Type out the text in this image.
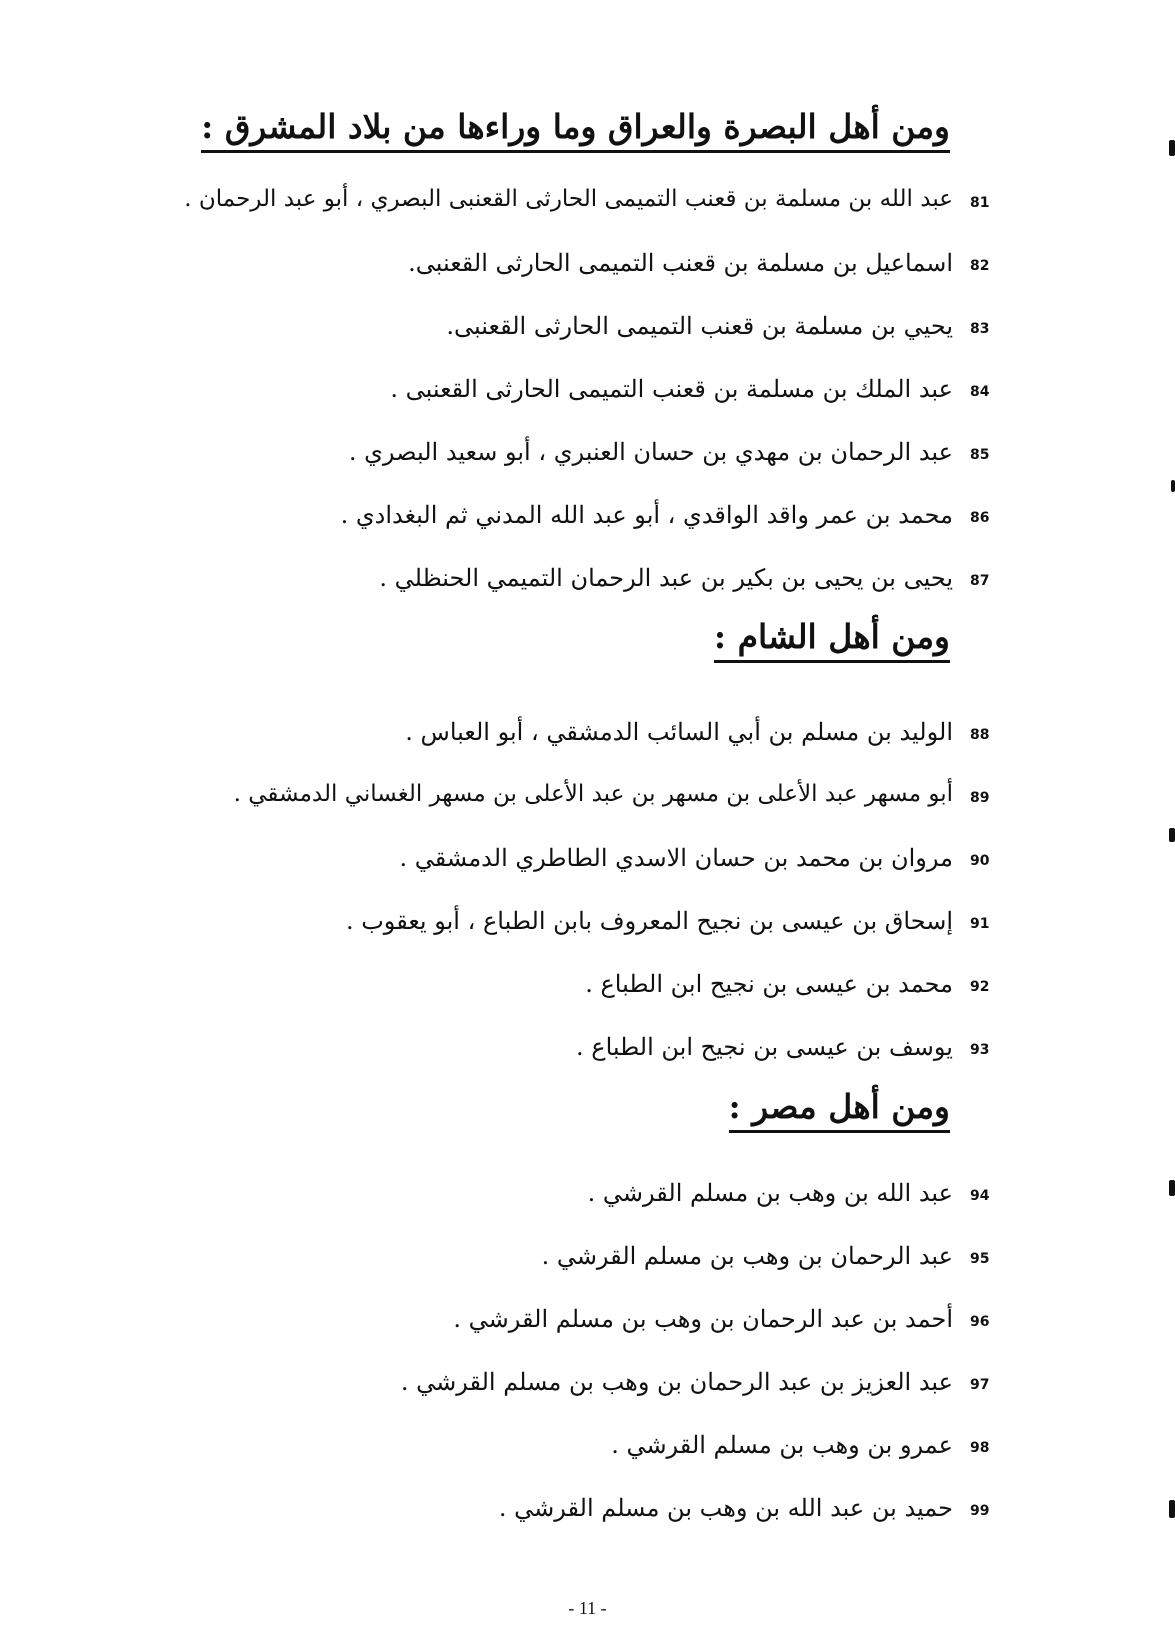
ومن أهل البصرة والعراق وما وراءها من بلاد المشرق :
81
عبد الله بن مسلمة بن قعنب التميمى الحارثى القعنبى البصري ، أبو عبد الرحمان .
82
اسماعيل بن مسلمة بن قعنب التميمى الحارثى القعنبى.
83
يحيي بن مسلمة بن قعنب التميمى الحارثى القعنبى.
84
عبد الملك بن مسلمة بن قعنب التميمى الحارثى القعنبى .
85
عبد الرحمان بن مهدي بن حسان العنبري ، أبو سعيد البصري .
86
محمد بن عمر واقد الواقدي ، أبو عبد الله المدني ثم البغدادي .
87
يحيى بن يحيى بن بكير بن عبد الرحمان التميمي الحنظلي .
ومن أهل الشام :
88
الوليد بن مسلم بن أبي السائب الدمشقي ، أبو العباس .
89
أبو مسهر عبد الأعلى بن مسهر بن عبد الأعلى بن مسهر الغساني الدمشقي .
90
مروان بن محمد بن حسان الاسدي الطاطري الدمشقي .
91
إسحاق بن عيسى بن نجيح المعروف بابن الطباع ، أبو يعقوب .
92
محمد بن عيسى بن نجيح ابن الطباع .
93
يوسف بن عيسى بن نجيح ابن الطباع .
ومن أهل مصر :
94
عبد الله بن وهب بن مسلم القرشي .
95
عبد الرحمان بن وهب بن مسلم القرشي .
96
أحمد بن عبد الرحمان بن وهب بن مسلم القرشي .
97
عبد العزيز بن عبد الرحمان بن وهب بن مسلم القرشي .
98
عمرو بن وهب بن مسلم القرشي .
99
حميد بن عبد الله بن وهب بن مسلم القرشي .
- 11 -
